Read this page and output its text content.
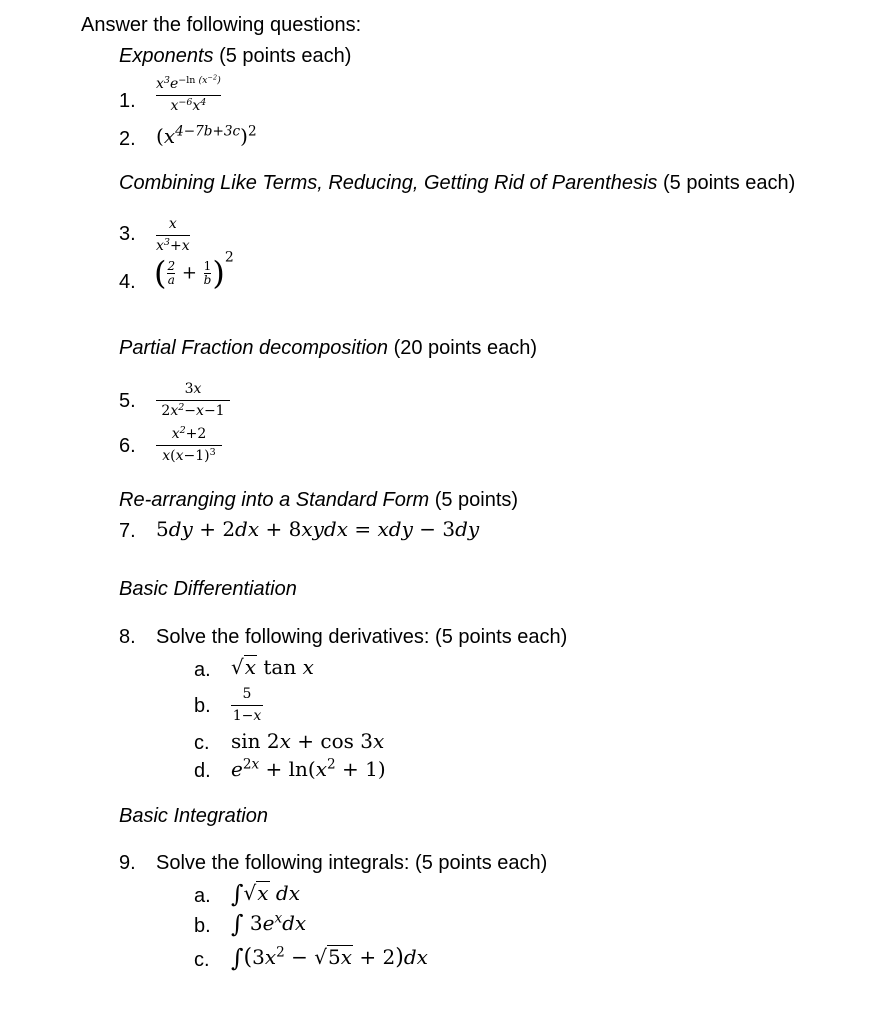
Answer the following questions:
Exponents (5 points each)
1.
$x^3e^{-ln (x^{-2})}$
$x^{-6}x^4$
2. $(x^{4-7b+3c})^2$
Combining Like Terms, Reducing, Getting Rid of Parenthesis (5 points each)
3. x
$x^3+x$
4. ( $\frac{2}{a} + \frac{1}{b} )^2$
Partial Fraction decomposition (20 points each)
5.
3x
$2x^2-x-1$
6.
$x^2+2$
$x(x-1)^3$
Re-arranging into a Standard Form (5 points)
7. 5dy + 2dx + 8xydx = xdy − 3dy
Basic Differentiation
8. Solve the following derivatives: (5 points each)
a. √x tan x
b.
5
1−x
c. sin 2x + cos 3x
d. $e^{2x} + \ln(x^2 + 1)$
Basic Integration
9. Solve the following integrals: (5 points each)
a. ∫√x dx
b. ∫ $3e^xdx$
c. $\int(3x^2 - √5x + 2)dx$
